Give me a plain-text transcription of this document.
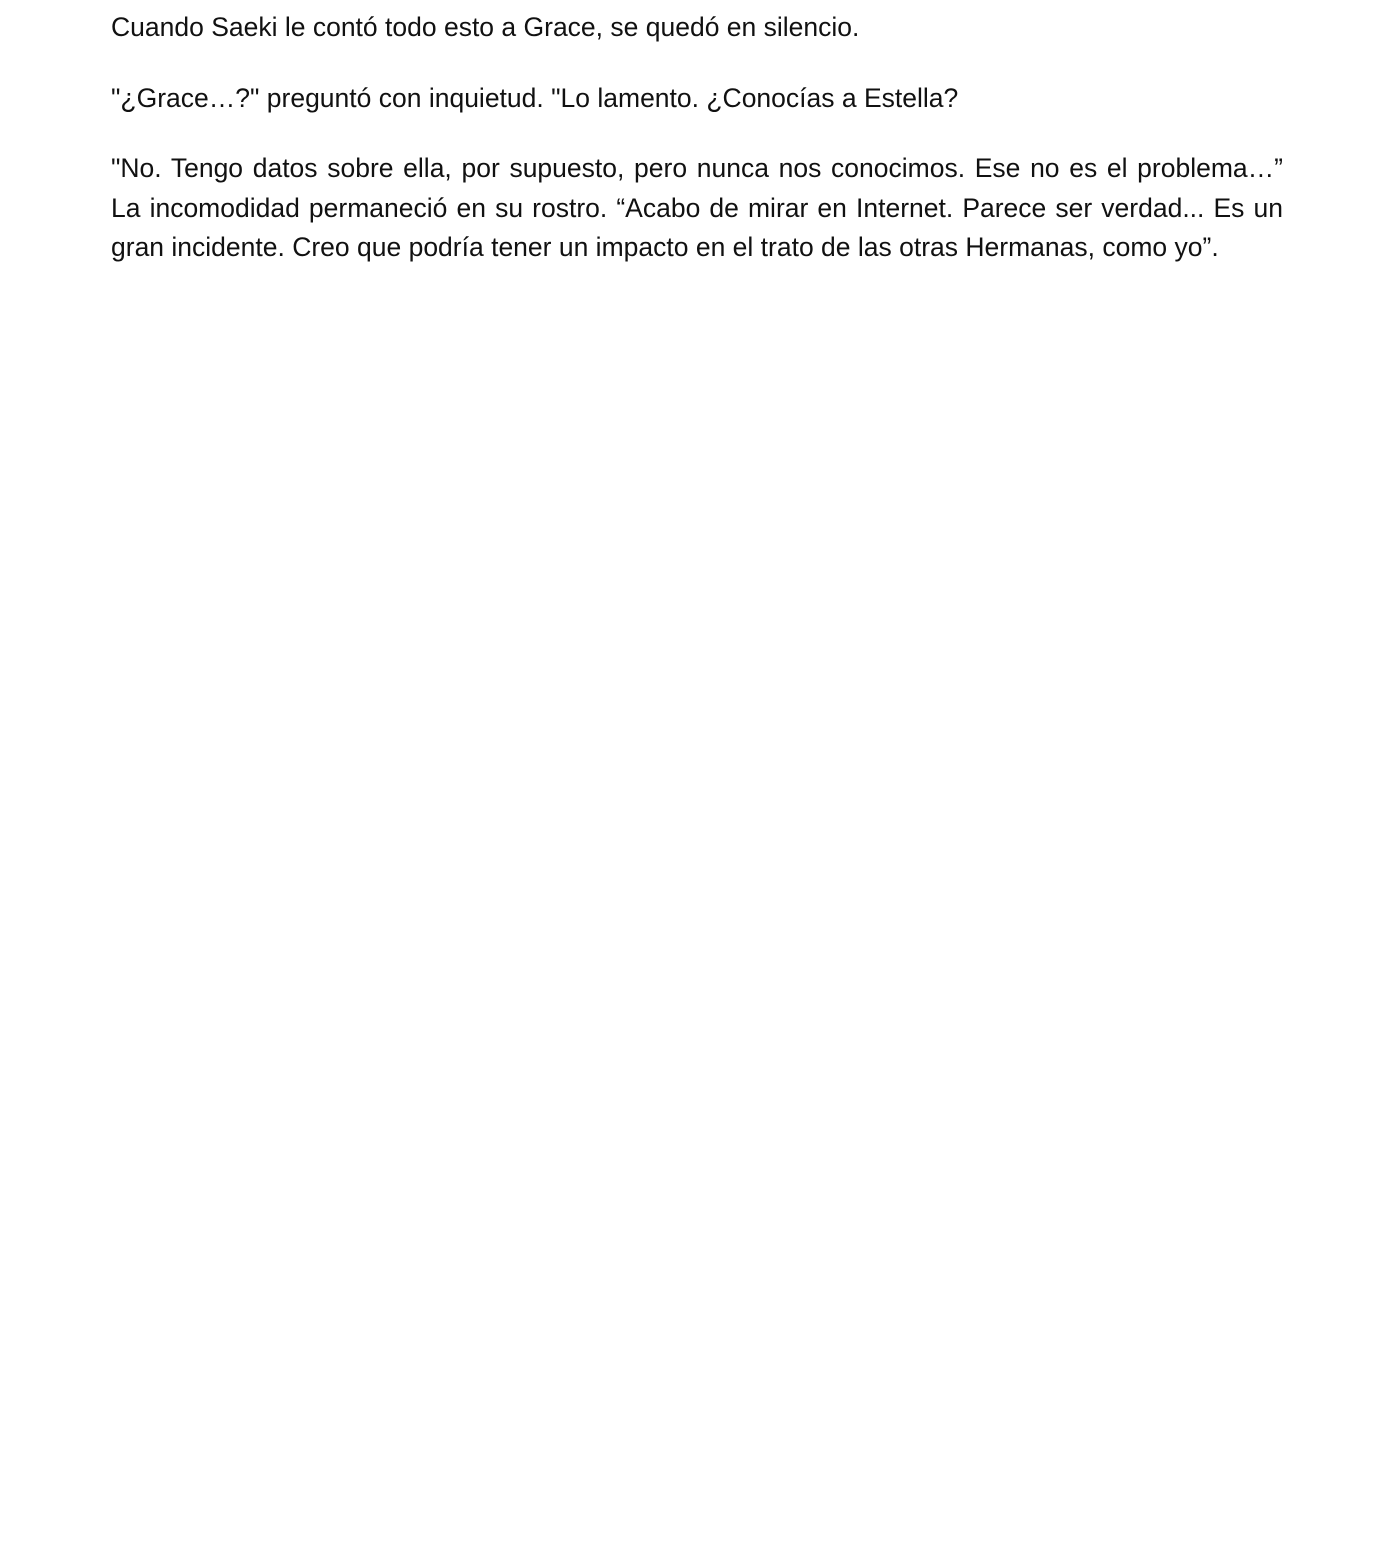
Cuando Saeki le contó todo esto a Grace, se quedó en silencio.

"¿Grace…?" preguntó con inquietud. "Lo lamento. ¿Conocías a Estella?

"No. Tengo datos sobre ella, por supuesto, pero nunca nos conocimos. Ese no es el problema…” La incomodidad permaneció en su rostro. “Acabo de mirar en Internet. Parece ser verdad... Es un gran incidente. Creo que podría tener un impacto en el trato de las otras Hermanas, como yo”.
